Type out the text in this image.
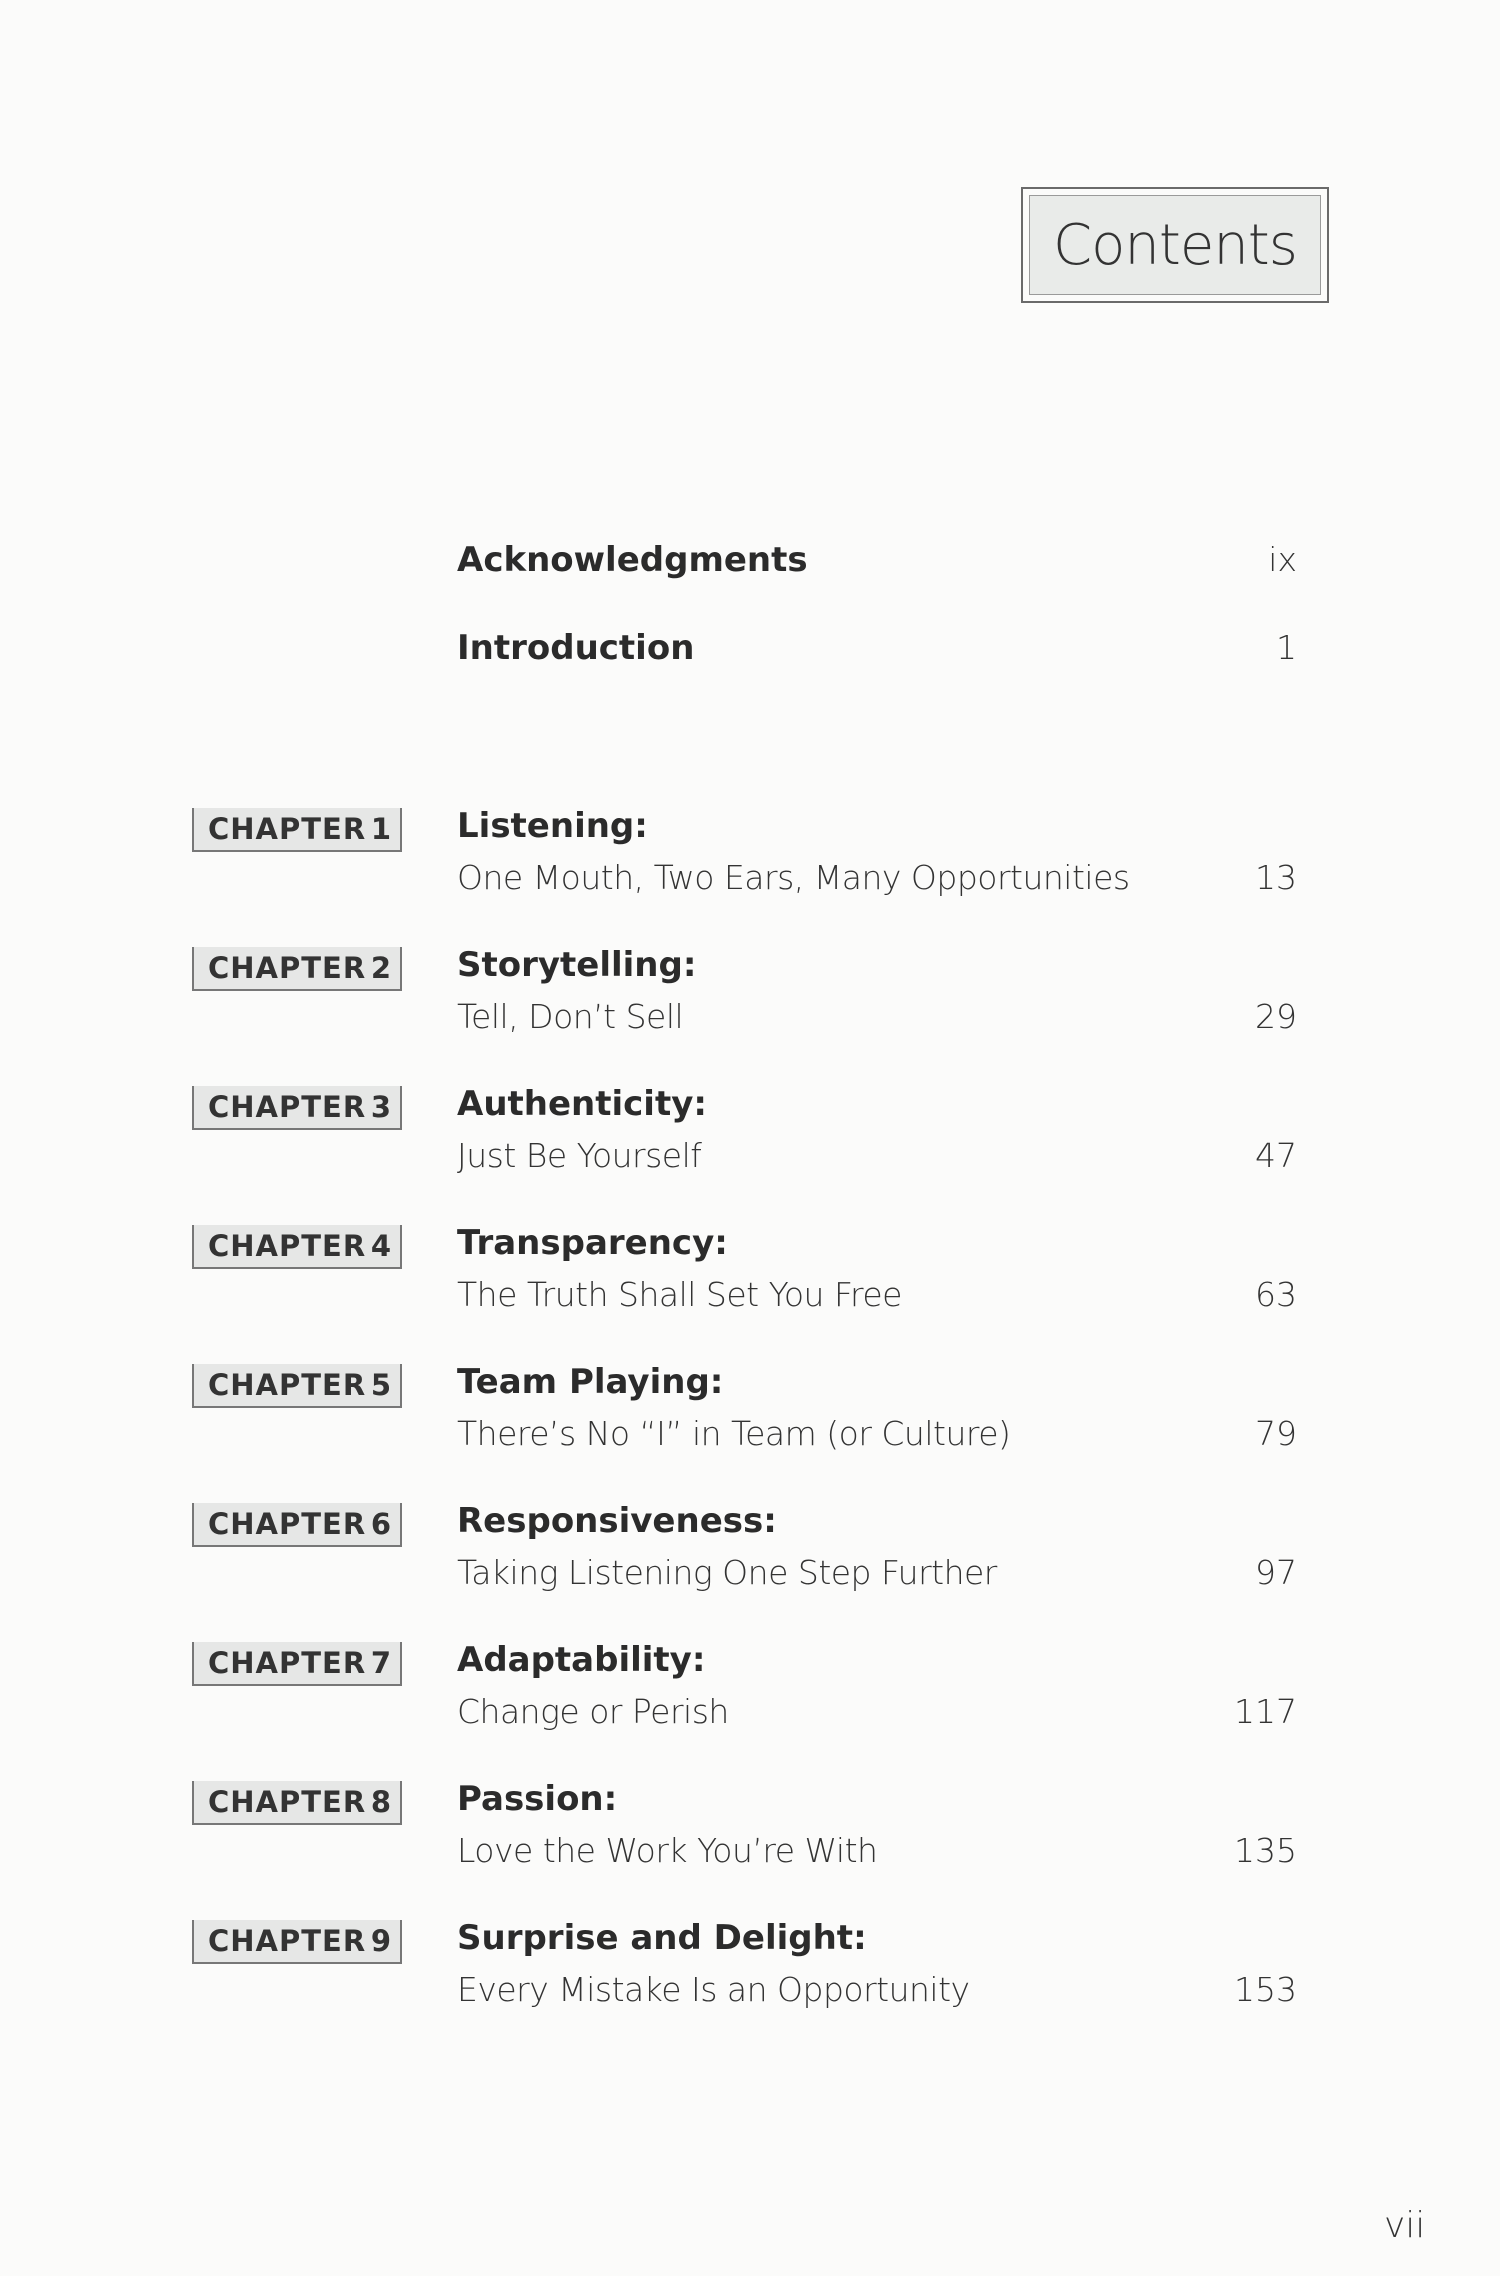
Contents
Acknowledgments	ix
Introduction	1
CHAPTER 1 Listening:
One Mouth, Two Ears, Many Opportunities	13
CHAPTER 2 Storytelling:
Tell, Don’t Sell	29
CHAPTER 3 Authenticity:
Just Be Yourself	47
CHAPTER 4 Transparency:
The Truth Shall Set You Free	63
CHAPTER 5 Team Playing:
There’s No “I” in Team (or Culture)	79
CHAPTER 6 Responsiveness:
Taking Listening One Step Further	97
CHAPTER 7 Adaptability:
Change or Perish	117
CHAPTER 8 Passion:
Love the Work You’re With	135
CHAPTER 9 Surprise and Delight:
Every Mistake Is an Opportunity	153
vii
